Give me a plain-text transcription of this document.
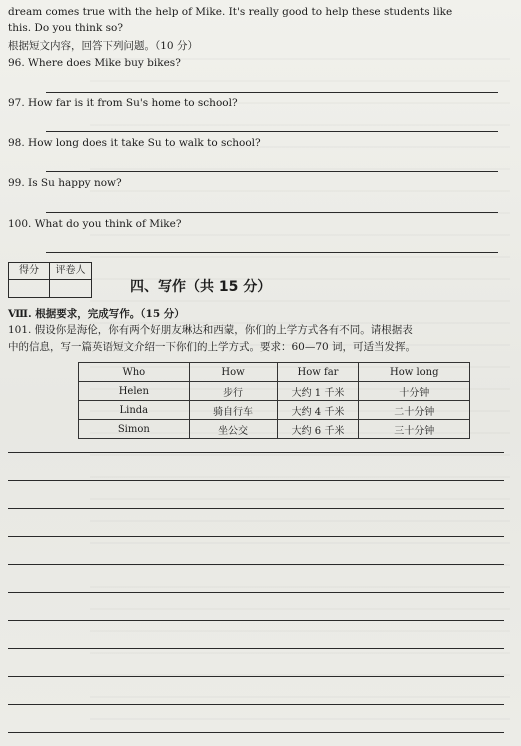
dream comes true with the help of Mike. It's really good to help these students like
this. Do you think so?
根据短文内容，回答下列问题。（10 分）
96. Where does Mike buy bikes?
97. How far is it from Su's home to school?
98. How long does it take Su to walk to school?
99. Is Su happy now?
100. What do you think of Mike?
得分	评卷人
四、写作（共 15 分）
Ⅷ. 根据要求，完成写作。（15 分）
101. 假设你是海伦，你有两个好朋友琳达和西蒙，你们的上学方式各有不同。请根据表
中的信息，写一篇英语短文介绍一下你们的上学方式。要求：60—70 词，可适当发挥。
Who	How	How far	How long
Helen	步行	大约 1 千米	十分钟
Linda	骑自行车	大约 4 千米	二十分钟
Simon	坐公交	大约 6 千米	三十分钟
